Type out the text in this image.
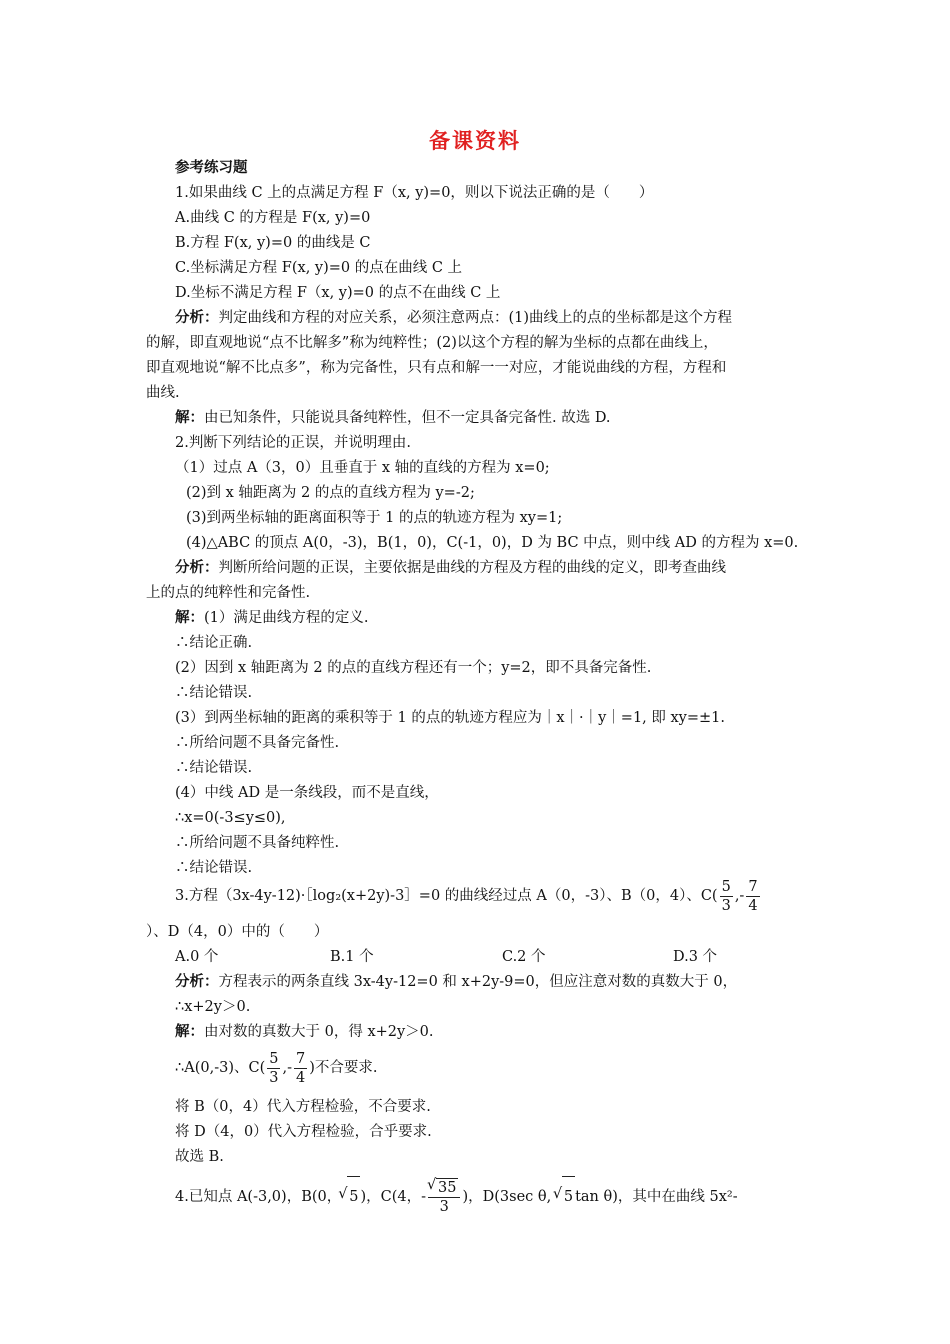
备课资料
参考练习题
1.如果曲线 C 上的点满足方程 F（x, y)=0，则以下说法正确的是（　　）
A.曲线 C 的方程是 F(x, y)=0
B.方程 F(x, y)=0 的曲线是 C
C.坐标满足方程 F(x, y)=0 的点在曲线 C 上
D.坐标不满足方程 F（x, y)=0 的点不在曲线 C 上
分析：判定曲线和方程的对应关系，必须注意两点：(1)曲线上的点的坐标都是这个方程
的解，即直观地说“点不比解多”称为纯粹性；(2)以这个方程的解为坐标的点都在曲线上，
即直观地说“解不比点多”，称为完备性，只有点和解一一对应，才能说曲线的方程，方程和
曲线.
解：由已知条件，只能说具备纯粹性，但不一定具备完备性. 故选 D.
2.判断下列结论的正误，并说明理由.
（1）过点 A（3，0）且垂直于 x 轴的直线的方程为 x=0;
(2)到 x 轴距离为 2 的点的直线方程为 y=-2;
(3)到两坐标轴的距离面积等于 1 的点的轨迹方程为 xy=1;
(4)△ABC 的顶点 A(0，-3)，B(1，0)，C(-1，0)，D 为 BC 中点，则中线 AD 的方程为 x=0.
分析：判断所给问题的正误，主要依据是曲线的方程及方程的曲线的定义，即考查曲线
上的点的纯粹性和完备性.
解：(1）满足曲线方程的定义.
∴结论正确.
(2）因到 x 轴距离为 2 的点的直线方程还有一个；y=2，即不具备完备性.
∴结论错误.
(3）到两坐标轴的距离的乘积等于 1 的点的轨迹方程应为｜x｜·｜y｜=1, 即 xy=±1.
∴所给问题不具备完备性.
∴结论错误.
(4）中线 AD 是一条线段，而不是直线，
∴x=0(-3≤y≤0),
∴所给问题不具备纯粹性.
∴结论错误.
3.方程（3x-4y-12)·［log₂(x+2y)-3］=0 的曲线经过点 A（0，-3）、B（0，4）、$C( \frac{5}{3}$ ,- $\frac{7}{4}$
）、D（4，0）中的（　　）
A.0 个	B.1 个	C.2 个	D.3 个
分析：方程表示的两条直线 3x-4y-12=0 和 x+2y-9=0，但应注意对数的真数大于 0，
∴x+2y＞0.
解：由对数的真数大于 0，得 x+2y＞0.
∴A(0,-3)、$C( \frac{5}{3}$ ,- $\frac{7}{4}$ )不合要求.
将 B（0，4）代入方程检验，不合要求.
将 D（4，0）代入方程检验，合乎要求.
故选 B.
4.已知点 A(-3,0)，B(0， √ 5 )，C(4，- √ $\frac{35}{3}$ )，D(3sec θ, √ 5 tan θ)，其中在曲线 5x²-
